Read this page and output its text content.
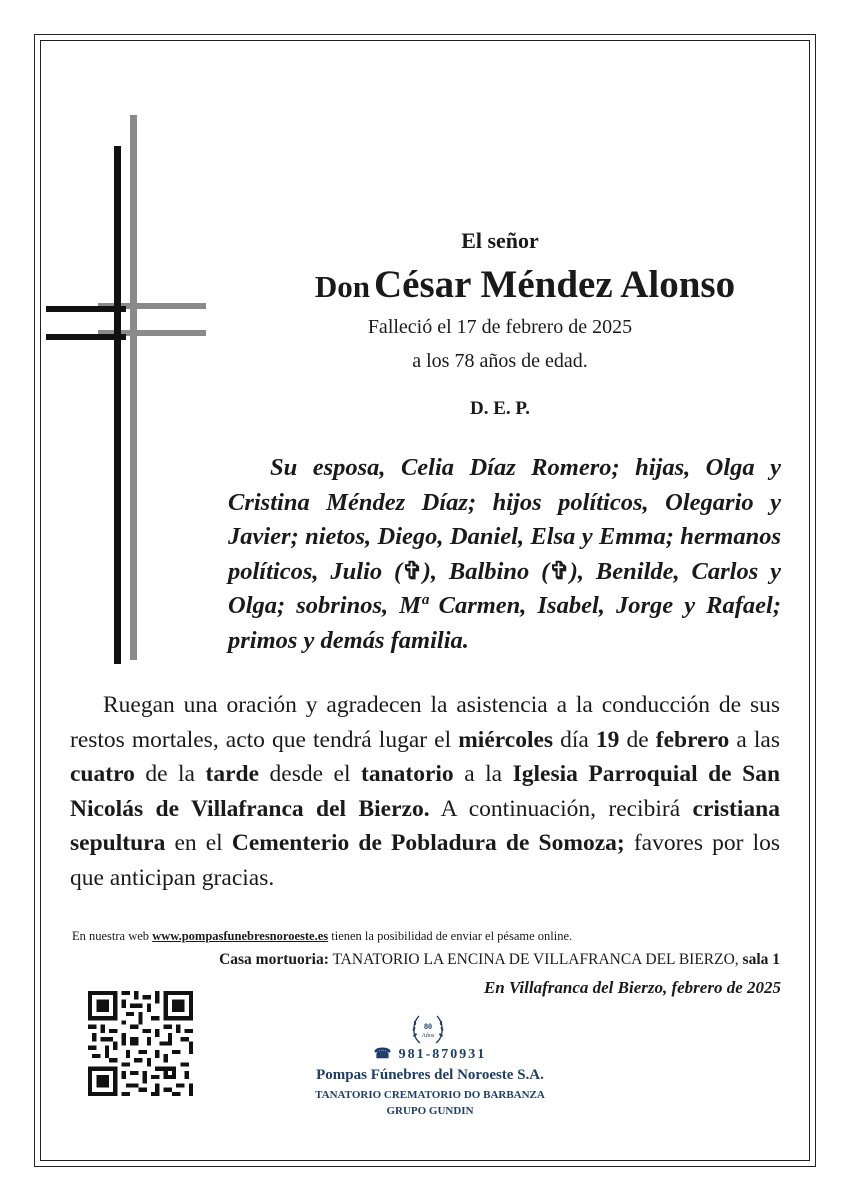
El señor
Don César Méndez Alonso
Falleció el 17 de febrero de 2025
a los 78 años de edad.
D. E. P.
Su esposa, Celia Díaz Romero; hijas, Olga y Cristina Méndez Díaz; hijos políticos, Olegario y Javier; nietos, Diego, Daniel, Elsa y Emma; hermanos políticos, Julio (✞), Balbino (✞), Benilde, Carlos y Olga; sobrinos, Mª Carmen, Isabel, Jorge y Rafael; primos y demás familia.
Ruegan una oración y agradecen la asistencia a la conducción de sus restos mortales, acto que tendrá lugar el miércoles día 19 de febrero a las cuatro de la tarde desde el tanatorio a la Iglesia Parroquial de San Nicolás de Villafranca del Bierzo. A continuación, recibirá cristiana sepultura en el Cementerio de Pobladura de Somoza; favores por los que anticipan gracias.
En nuestra web www.pompasfunebresnoroeste.es tienen la posibilidad de enviar el pésame online.
Casa mortuoria: TANATORIO LA ENCINA DE VILLAFRANCA DEL BIERZO, sala 1
En Villafranca del Bierzo, febrero de 2025
80
Años
☎ 981-870931
Pompas Fúnebres del Noroeste S.A.
TANATORIO CREMATORIO DO BARBANZA
GRUPO GUNDIN
